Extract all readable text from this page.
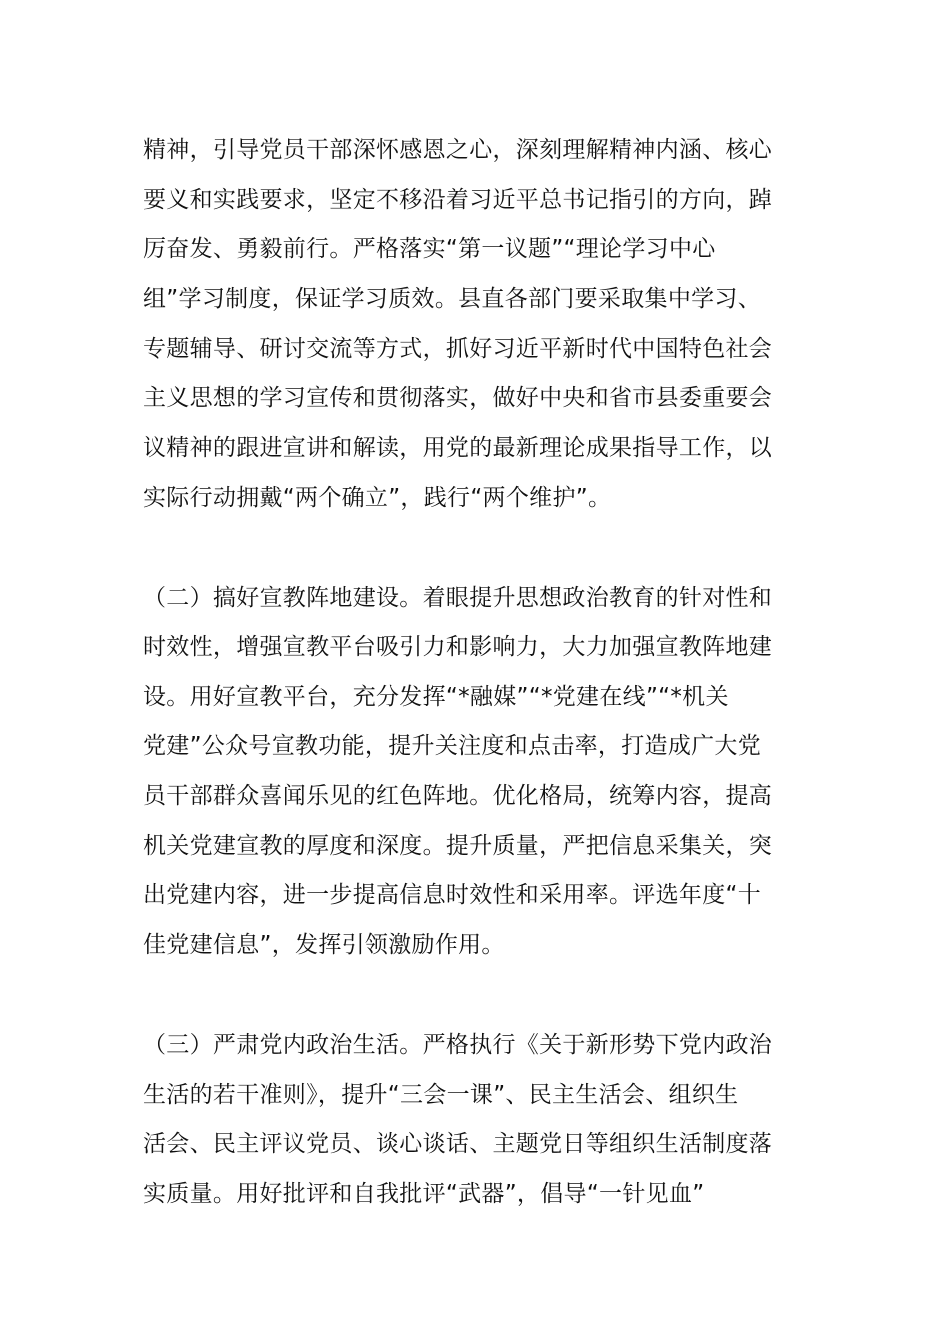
精神，引导党员干部深怀感恩之心，深刻理解精神内涵、核心
要义和实践要求，坚定不移沿着习近平总书记指引的方向，踔
厉奋发、勇毅前行。严格落实“第一议题”“理论学习中心
组”学习制度，保证学习质效。县直各部门要采取集中学习、
专题辅导、研讨交流等方式，抓好习近平新时代中国特色社会
主义思想的学习宣传和贯彻落实，做好中央和省市县委重要会
议精神的跟进宣讲和解读，用党的最新理论成果指导工作，以
实际行动拥戴“两个确立”，践行“两个维护”。
（二）搞好宣教阵地建设。着眼提升思想政治教育的针对性和
时效性，增强宣教平台吸引力和影响力，大力加强宣教阵地建
设。用好宣教平台，充分发挥“*融媒”“*党建在线”“*机关
党建”公众号宣教功能，提升关注度和点击率，打造成广大党
员干部群众喜闻乐见的红色阵地。优化格局，统筹内容，提高
机关党建宣教的厚度和深度。提升质量，严把信息采集关，突
出党建内容，进一步提高信息时效性和采用率。评选年度“十
佳党建信息”，发挥引领激励作用。
（三）严肃党内政治生活。严格执行《关于新形势下党内政治
生活的若干准则》，提升“三会一课”、民主生活会、组织生
活会、民主评议党员、谈心谈话、主题党日等组织生活制度落
实质量。用好批评和自我批评“武器”，倡导“一针见血”
